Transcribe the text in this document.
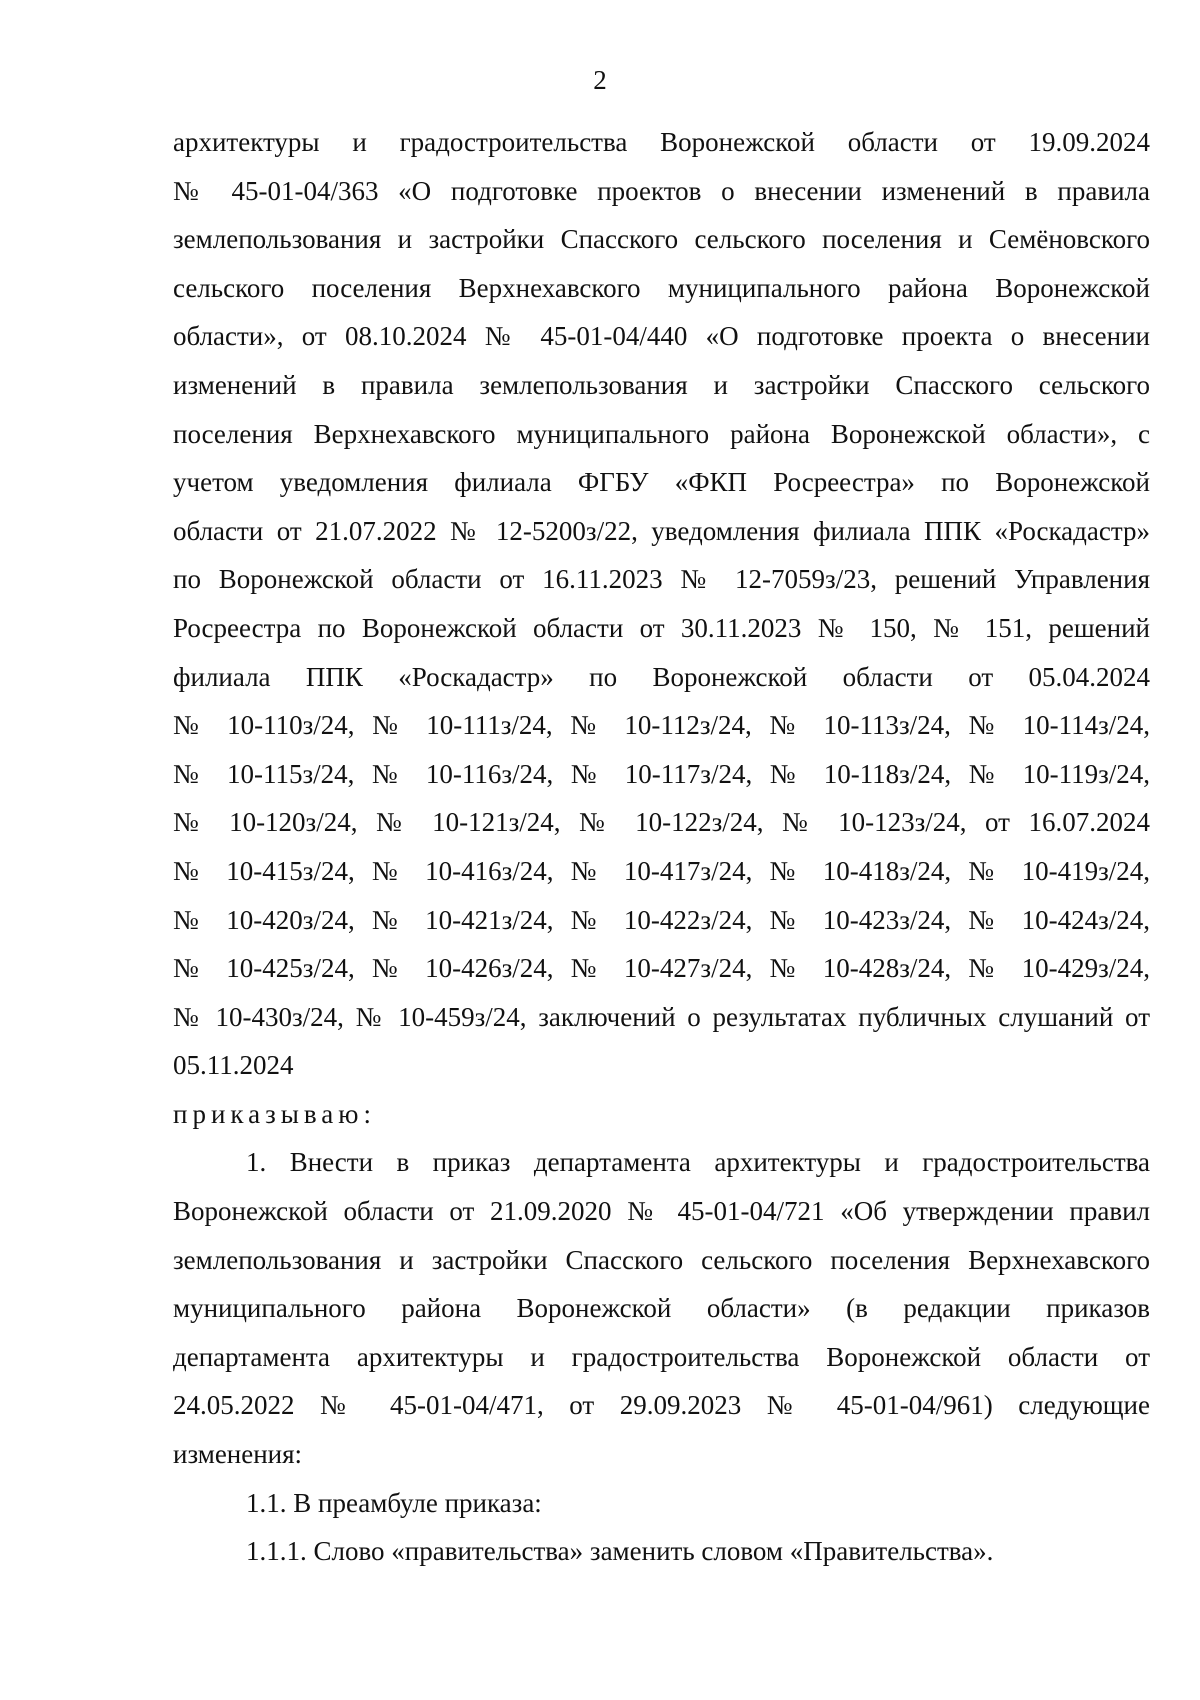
2
архитектуры и градостроительства Воронежской области от 19.09.2024
№ 45-01-04/363 «О подготовке проектов о внесении изменений в правила
землепользования и застройки Спасского сельского поселения и Семёновского
сельского поселения Верхнехавского муниципального района Воронежской
области», от 08.10.2024 № 45-01-04/440 «О подготовке проекта о внесении
изменений в правила землепользования и застройки Спасского сельского
поселения Верхнехавского муниципального района Воронежской области», с
учетом уведомления филиала ФГБУ «ФКП Росреестра» по Воронежской
области от 21.07.2022 № 12-5200з/22, уведомления филиала ППК «Роскадастр»
по Воронежской области от 16.11.2023 № 12-7059з/23, решений Управления
Росреестра по Воронежской области от 30.11.2023 № 150, № 151, решений
филиала ППК «Роскадастр» по Воронежской области от 05.04.2024
№ 10-110з/24, № 10-111з/24, № 10-112з/24, № 10-113з/24, № 10-114з/24,
№ 10-115з/24, № 10-116з/24, № 10-117з/24, № 10-118з/24, № 10-119з/24,
№ 10-120з/24, № 10-121з/24, № 10-122з/24, № 10-123з/24, от 16.07.2024
№ 10-415з/24, № 10-416з/24, № 10-417з/24, № 10-418з/24, № 10-419з/24,
№ 10-420з/24, № 10-421з/24, № 10-422з/24, № 10-423з/24, № 10-424з/24,
№ 10-425з/24, № 10-426з/24, № 10-427з/24, № 10-428з/24, № 10-429з/24,
№ 10-430з/24, № 10-459з/24, заключений о результатах публичных слушаний от
05.11.2024
приказываю:
1. Внести в приказ департамента архитектуры и градостроительства
Воронежской области от 21.09.2020 № 45-01-04/721 «Об утверждении правил
землепользования и застройки Спасского сельского поселения Верхнехавского
муниципального района Воронежской области» (в редакции приказов
департамента архитектуры и градостроительства Воронежской области от
24.05.2022 № 45-01-04/471, от 29.09.2023 № 45-01-04/961) следующие
изменения:
1.1. В преамбуле приказа:
1.1.1. Слово «правительства» заменить словом «Правительства».
